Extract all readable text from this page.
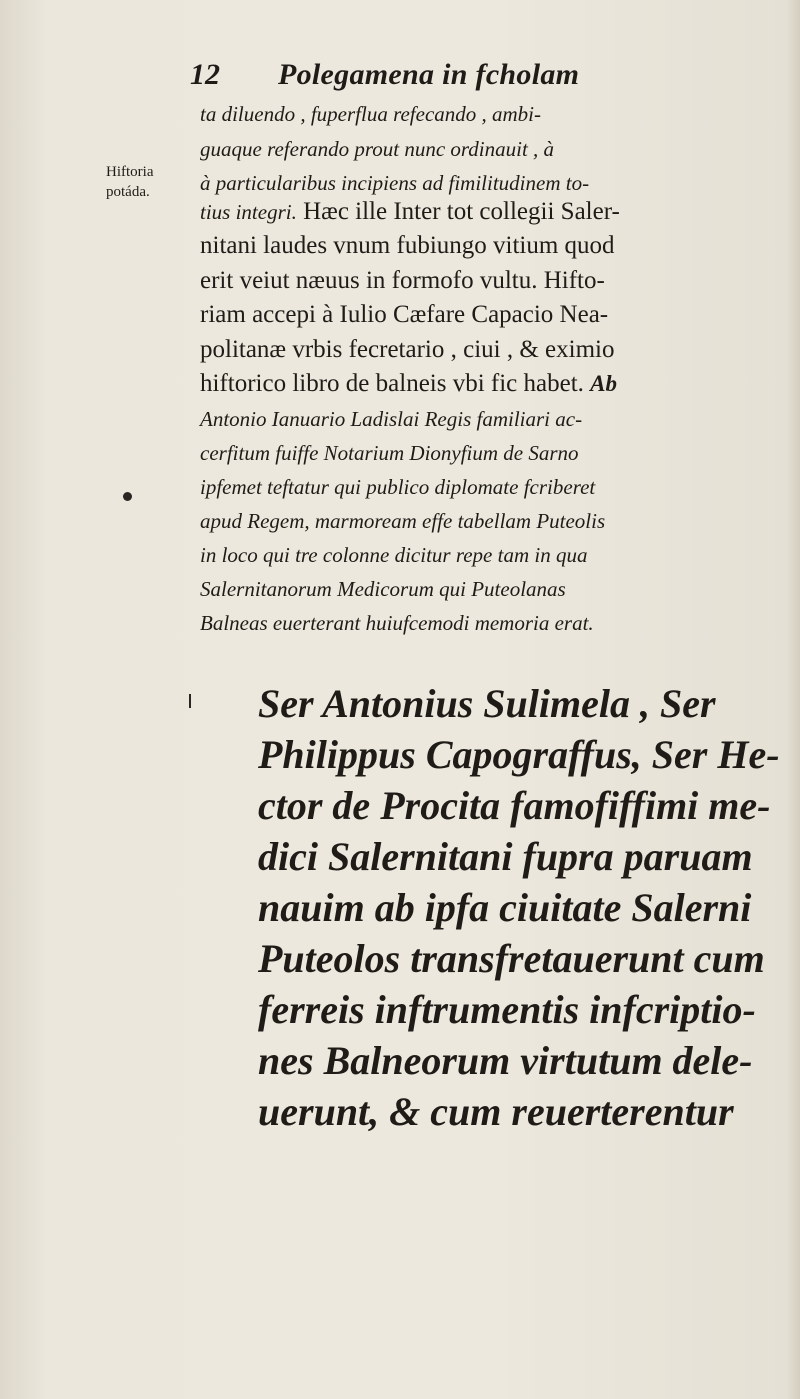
12 Polegamena in fcholam
Hiftoria
potáda.
ta diluendo , fuperflua refecando , ambi-
guaque referando prout nunc ordinauit , à
à particularibus incipiens ad fimilitudinem to-
tius integri. Hæc ille Inter tot collegii Saler-
nitani laudes vnum fubiungo vitium quod
erit veiut næuus in formofo vultu. Hifto-
riam accepi à Iulio Cæfare Capacio Nea-
politanæ vrbis fecretario , ciui , & eximio
hiftorico libro de balneis vbi fic habet. Ab
Antonio Ianuario Ladislai Regis familiari ac-
cerfitum fuiffe Notarium Dionyfium de Sarno
ipfemet teftatur qui publico diplomate fcriberet
apud Regem, marmoream effe tabellam Puteolis
in loco qui tre colonne dicitur repe tam in qua
Salernitanorum Medicorum qui Puteolanas
Balneas euerterant huiufcemodi memoria erat.
Ser Antonius Sulimela , Ser
Philippus Capograffus, Ser He-
ctor de Procita famofiffimi me-
dici Salernitani fupra paruam
nauim ab ipfa ciuitate Salerni
Puteolos transfretauerunt cum
ferreis inftrumentis infcriptio-
nes Balneorum virtutum dele-
uerunt, & cum reuerterentur
